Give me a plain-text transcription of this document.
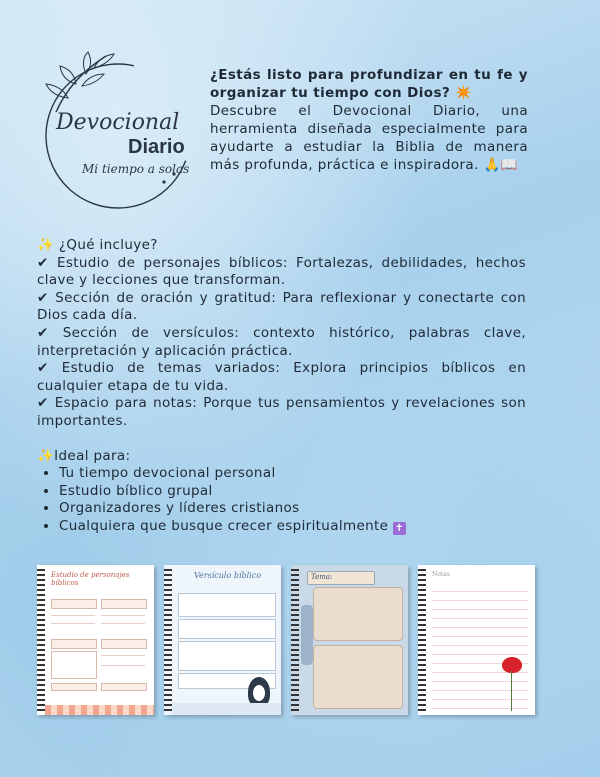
Devocional
Diario
Mi tiempo a solas
¿Estás listo para profundizar en tu fe y organizar tu tiempo con Dios? ✴️
Descubre el Devocional Diario, una herramienta diseñada especialmente para ayudarte a estudiar la Biblia de manera más profunda, práctica e inspiradora. 🙏📖

✨ ¿Qué incluye?

✔ Estudio de personajes bíblicos: Fortalezas, debilidades, hechos clave y lecciones que transforman.

✔ Sección de oración y gratitud: Para reflexionar y conectarte con Dios cada día.

✔ Sección de versículos: contexto histórico, palabras clave, interpretación y aplicación práctica.

✔ Estudio de temas variados: Explora principios bíblicos en cualquier etapa de tu vida.

✔ Espacio para notas: Porque tus pensamientos y revelaciones son importantes.

✨Ideal para:

• Tu tiempo devocional personal
• Estudio bíblico grupal
• Organizadores y líderes cristianos
• Cualquiera que busque crecer espiritualmente ✝
Estudio de personajes bíblicos
Versículo bíblico	Tema:	Notas
